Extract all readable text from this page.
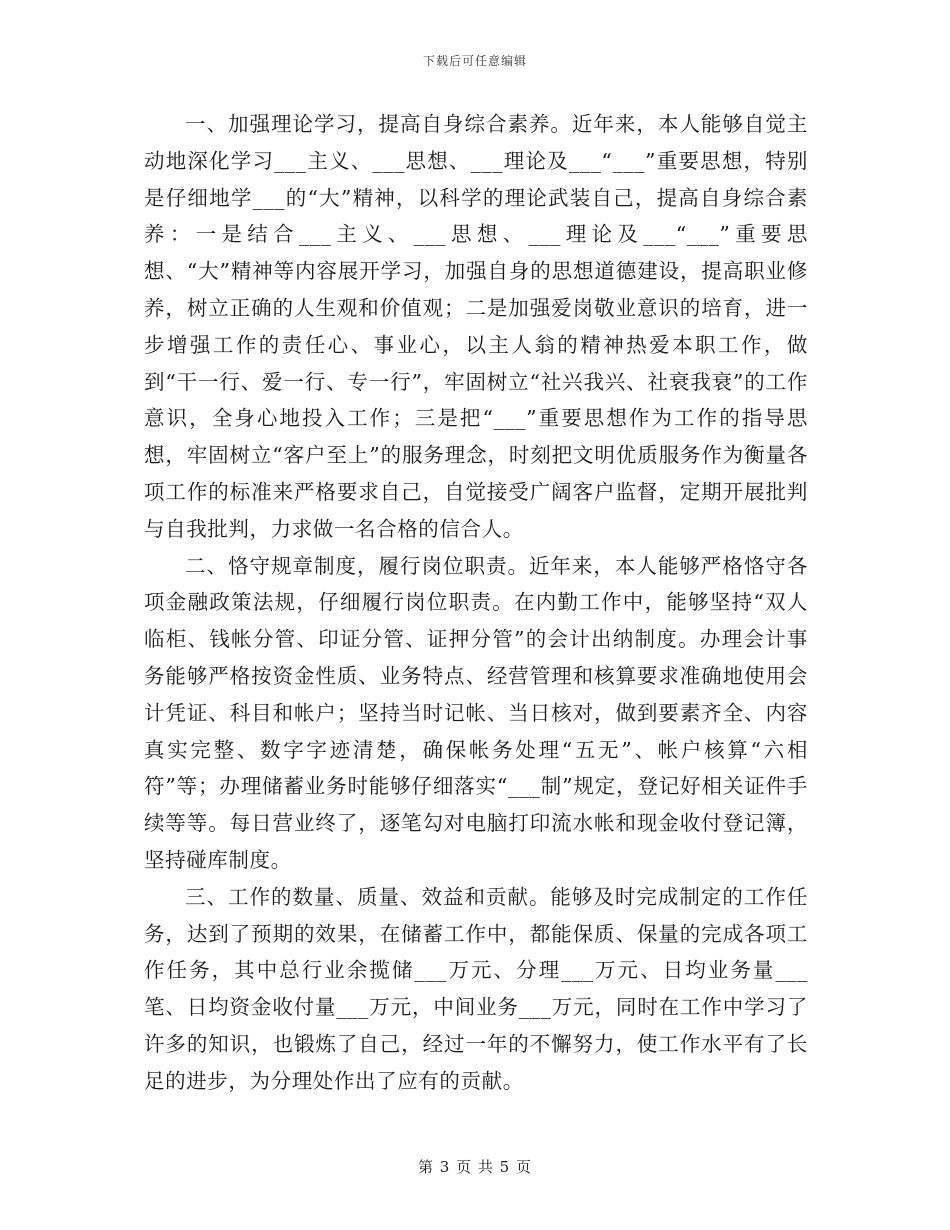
下载后可任意编辑

一、加强理论学习，提高自身综合素养。近年来，本人能够自觉主动地深化学习___主义、___思想、___理论及___“___”重要思想，特别是仔细地学___的“大”精神，以科学的理论武装自己，提高自身综合素养：一是结合___主义、___思想、___理论及___“___”重要思想、“大”精神等内容展开学习，加强自身的思想道德建设，提高职业修养，树立正确的人生观和价值观；二是加强爱岗敬业意识的培育，进一步增强工作的责任心、事业心，以主人翁的精神热爱本职工作，做到“干一行、爱一行、专一行”，牢固树立“社兴我兴、社衰我衰”的工作意识，全身心地投入工作；三是把“___”重要思想作为工作的指导思想，牢固树立“客户至上”的服务理念，时刻把文明优质服务作为衡量各项工作的标准来严格要求自己，自觉接受广阔客户监督，定期开展批判与自我批判，力求做一名合格的信合人。

二、恪守规章制度，履行岗位职责。近年来，本人能够严格恪守各项金融政策法规，仔细履行岗位职责。在内勤工作中，能够坚持“双人临柜、钱帐分管、印证分管、证押分管”的会计出纳制度。办理会计事务能够严格按资金性质、业务特点、经营管理和核算要求准确地使用会计凭证、科目和帐户；坚持当时记帐、当日核对，做到要素齐全、内容真实完整、数字字迹清楚，确保帐务处理“五无”、帐户核算“六相符”等；办理储蓄业务时能够仔细落实“___制”规定，登记好相关证件手续等等。每日营业终了，逐笔勾对电脑打印流水帐和现金收付登记簿，坚持碰库制度。

三、工作的数量、质量、效益和贡献。能够及时完成制定的工作任务，达到了预期的效果，在储蓄工作中，都能保质、保量的完成各项工作任务，其中总行业余揽储___万元、分理___万元、日均业务量___笔、日均资金收付量___万元，中间业务___万元，同时在工作中学习了许多的知识，也锻炼了自己，经过一年的不懈努力，使工作水平有了长足的进步，为分理处作出了应有的贡献。

第 3 页 共 5 页
